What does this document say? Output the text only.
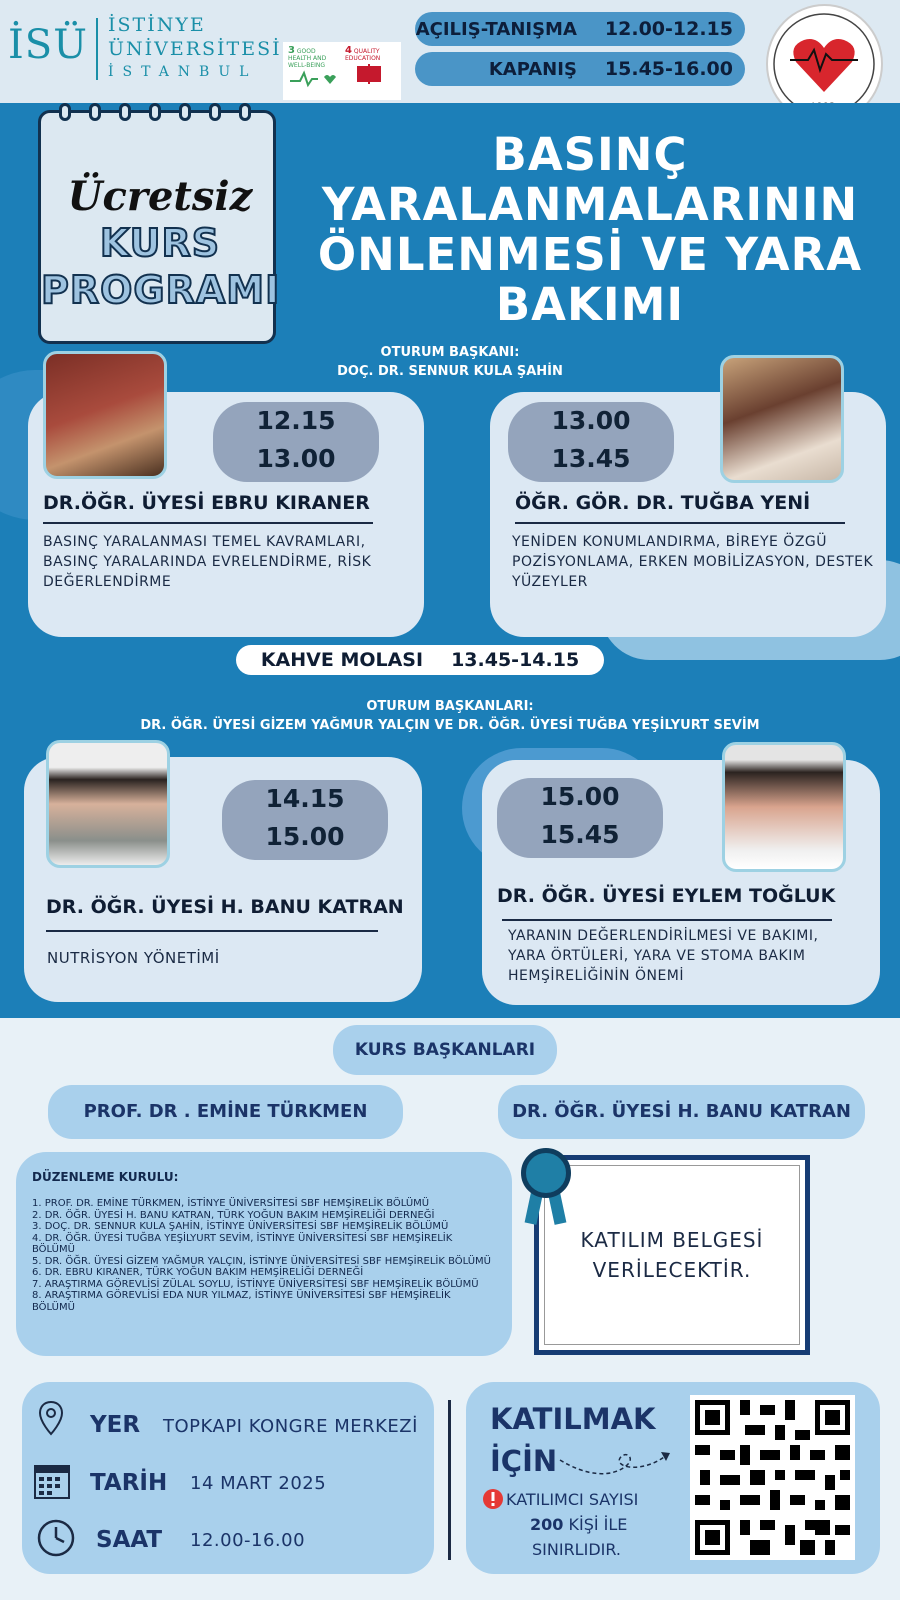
İSÜ İSTİNYE
ÜNİVERSİTESİ
İSTANBUL
3 GOOD HEALTH AND WELL-BEING
4 QUALITY EDUCATION
AÇILIŞ-TANIŞMA 12.00-12.15
KAPANIŞ 15.45-16.00
Ücretsiz
KURS
PROGRAMI
BASINÇ
YARALANMALARININ
ÖNLENMESİ VE YARA
BAKIMI
OTURUM BAŞKANI:
DOÇ. DR. SENNUR KULA ŞAHİN
12.15
13.00
DR.ÖĞR. ÜYESİ EBRU KIRANER
BASINÇ YARALANMASI TEMEL KAVRAMLARI, BASINÇ YARALARINDA EVRELENDİRME, RİSK DEĞERLENDİRME
13.00
13.45
ÖĞR. GÖR. DR. TUĞBA YENİ
YENİDEN KONUMLANDIRMA, BİREYE ÖZGÜ POZİSYONLAMA, ERKEN MOBİLİZASYON, DESTEK YÜZEYLER
KAHVE MOLASI 13.45-14.15
OTURUM BAŞKANLARI:
DR. ÖĞR. ÜYESİ GİZEM YAĞMUR YALÇIN VE DR. ÖĞR. ÜYESİ TUĞBA YEŞİLYURT SEVİM
14.15
15.00
DR. ÖĞR. ÜYESİ H. BANU KATRAN
NUTRİSYON YÖNETİMİ
15.00
15.45
DR. ÖĞR. ÜYESİ EYLEM TOĞLUK
YARANIN DEĞERLENDİRİLMESİ VE BAKIMI, YARA ÖRTÜLERİ, YARA VE STOMA BAKIM HEMŞİRELİĞİNİN ÖNEMİ
KURS BAŞKANLARI
PROF. DR . EMİNE TÜRKMEN	DR. ÖĞR. ÜYESİ H. BANU KATRAN
DÜZENLEME KURULU:
1. PROF. DR. EMİNE TÜRKMEN, İSTİNYE ÜNİVERSİTESİ SBF HEMŞİRELİK BÖLÜMÜ
2. DR. ÖĞR. ÜYESİ H. BANU KATRAN, TÜRK YOĞUN BAKIM HEMŞİRELİĞİ DERNEĞİ
3. DOÇ. DR. SENNUR KULA ŞAHİN, İSTİNYE ÜNİVERSİTESİ SBF HEMŞİRELİK BÖLÜMÜ
4. DR. ÖĞR. ÜYESİ TUĞBA YEŞİLYURT SEVİM, İSTİNYE ÜNİVERSİTESİ SBF HEMŞİRELİK BÖLÜMÜ
5. DR. ÖĞR. ÜYESİ GİZEM YAĞMUR YALÇIN, İSTİNYE ÜNİVERSİTESİ SBF HEMŞİRELİK BÖLÜMÜ
6. DR. EBRU KIRANER, TÜRK YOĞUN BAKIM HEMŞİRELİĞİ DERNEĞİ
7. ARAŞTIRMA GÖREVLİSİ ZÜLAL SOYLU, İSTİNYE ÜNİVERSİTESİ SBF HEMŞİRELİK BÖLÜMÜ
8. ARAŞTIRMA GÖREVLİSİ EDA NUR YILMAZ, İSTİNYE ÜNİVERSİTESİ SBF HEMŞİRELİK BÖLÜMÜ
KATILIM BELGESİ
VERİLECEKTİR.
YER TOPKAPI KONGRE MERKEZİ
TARİH 14 MART 2025
SAAT 12.00-16.00
KATILMAK
İÇİN
KATILIMCI SAYISI
200 KİŞİ İLE
SINIRLIDIR.
